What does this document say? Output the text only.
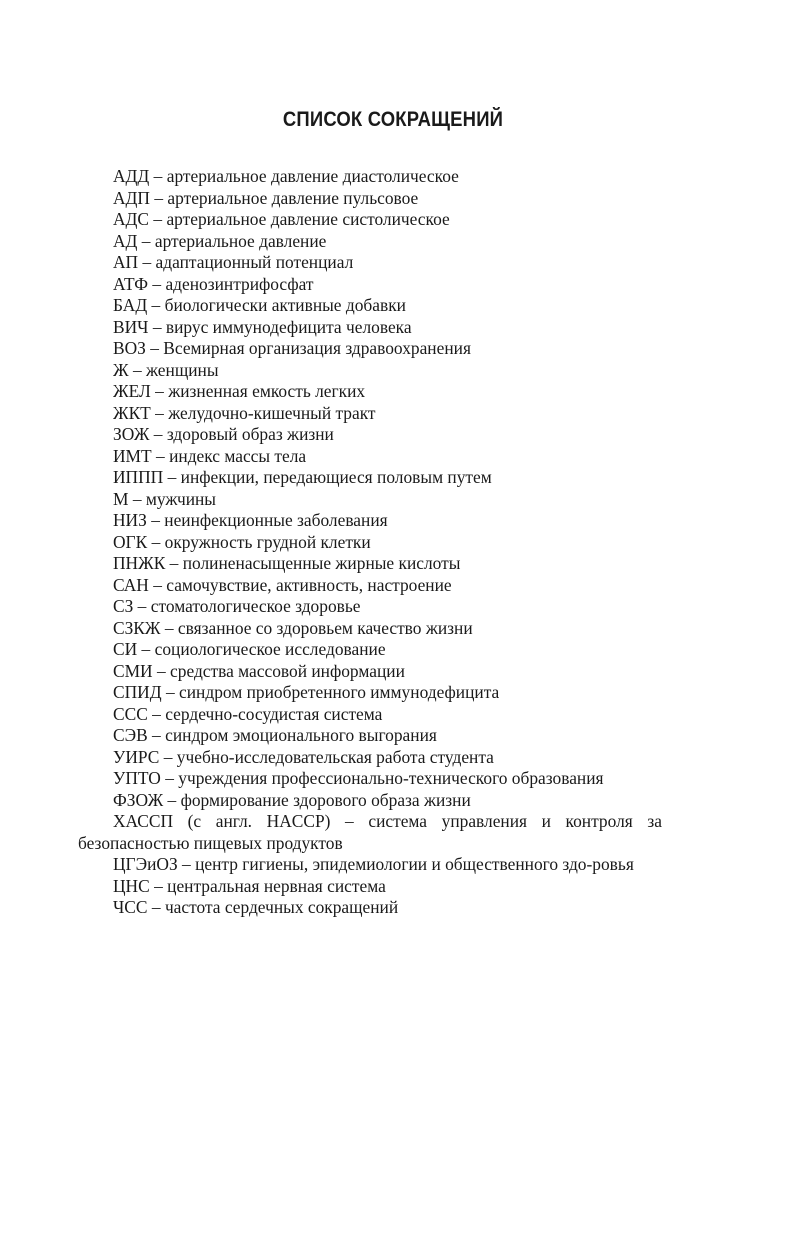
СПИСОК СОКРАЩЕНИЙ
АДД – артериальное давление диастолическое
АДП – артериальное давление пульсовое
АДС – артериальное давление систолическое
АД – артериальное давление
АП – адаптационный потенциал
АТФ – аденозинтрифосфат
БАД – биологически активные добавки
ВИЧ – вирус иммунодефицита человека
ВОЗ – Всемирная организация здравоохранения
Ж – женщины
ЖЕЛ – жизненная емкость легких
ЖКТ – желудочно-кишечный тракт
ЗОЖ – здоровый образ жизни
ИМТ – индекс массы тела
ИППП – инфекции, передающиеся половым путем
М – мужчины
НИЗ – неинфекционные заболевания
ОГК – окружность грудной клетки
ПНЖК – полиненасыщенные жирные кислоты
САН – самочувствие, активность, настроение
СЗ – стоматологическое здоровье
СЗКЖ – связанное со здоровьем качество жизни
СИ – социологическое исследование
СМИ – средства массовой информации
СПИД – синдром приобретенного иммунодефицита
ССС – сердечно-сосудистая система
СЭВ – синдром эмоционального выгорания
УИРС – учебно-исследовательская работа студента
УПТО – учреждения профессионально-технического образования
ФЗОЖ – формирование здорового образа жизни
ХАССП (с англ. HACCP) – система управления и контроля за безопасностью пищевых продуктов
ЦГЭиОЗ – центр гигиены, эпидемиологии и общественного здо-ровья
ЦНС – центральная нервная система
ЧСС – частота сердечных сокращений
